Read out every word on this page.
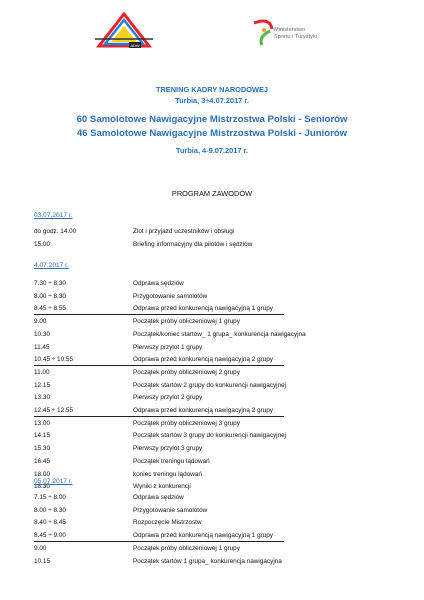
ADW
Ministerstwo
Sportu i Turystyki
TRENING KADRY NARODOWEJ
Turbia, 3÷4.07.2017 r.
60 Samolotowe Nawigacyjne Mistrzostwa Polski - Seniorów
46 Samolotowe Nawigacyjne Mistrzostwa Polski - Juniorów
Turbia, 4-9.07.2017 r.
PROGRAM ZAWODÓW
03.07.2017 r.
do godz. 14.00	Zlot i przyjazd uczestników i obsługi
15.00	Briefing informacyjny dla pilotów i sędziów
4.07.2017 r.
7.30 ÷ 8.30	Odprawa sędziów
8.00 ÷ 8.30	Przygotowanie samolotów
8.45 ÷ 8.55	Odprawa przed konkurencją nawigacyjną 1 grupy
9.00	Początek próby obliczeniowej 1 grupy
10.30	Początek/koniec startów_ 1 grupa_ konkurencja nawigacyjna
11.45	Pierwszy przylot 1 grupy
10.45 ÷ 10.55	Odprawa przed konkurencją nawigacyjną 2 grupy
11.00	Początek próby obliczeniowej 2 grupy
12.15	Początek startów 2 grupy do konkurencji nawigacyjnej
13.30	Pierwszy przylot 2 grupy
12.45 ÷ 12.55	Odprawa przed konkurencją nawigacyjną 2 grupy
13.00	Początek próby obliczeniowej 3 grupy
14.15	Początek startów 3 grupy do konkurencji nawigacyjnej
15.30	Pierwszy przylot 3 grupy
16.45	Początek treningu lądowań
18.00	koniec treningu lądowań
18.30	Wyniki z konkurencji
05.07.2017 r.
7.15 ÷ 8.00	Odprawa sędziów
8.00 ÷ 8.30	Przygotowanie samolotów
8.40 ÷ 8.45	Rozpoczęcie Mistrzostw
8.45 ÷ 9.00	Odprawa przed konkurencją nawigacyjną 1 grupy
9.00	Początek próby obliczeniowej 1 grupy
10.15	Początek startów 1 grupa_ konkurencja nawigacyjna
